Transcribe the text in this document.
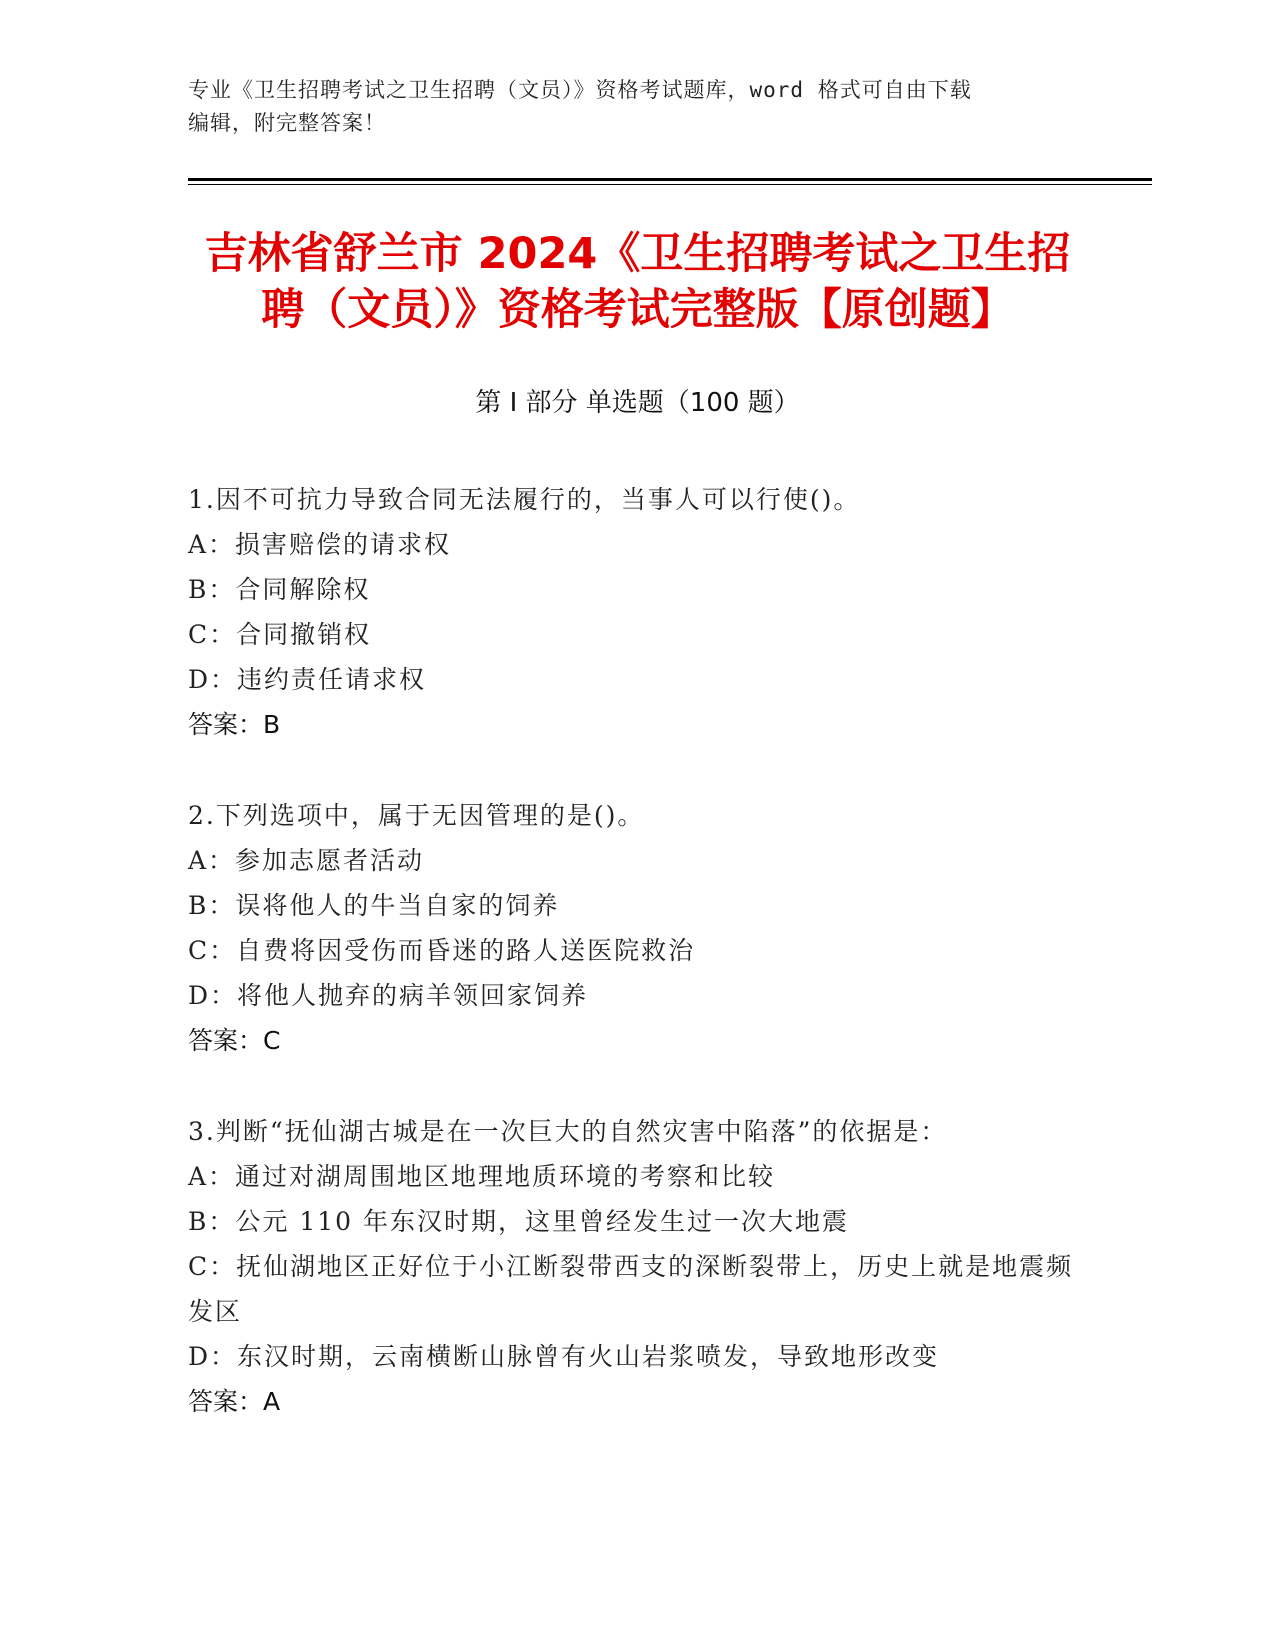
专业《卫生招聘考试之卫生招聘（文员）》资格考试题库，word 格式可自由下载
编辑，附完整答案！
吉林省舒兰市 2024《卫生招聘考试之卫生招
聘（文员）》资格考试完整版【原创题】
第 I 部分 单选题（100 题）
1.因不可抗力导致合同无法履行的，当事人可以行使()。
A：损害赔偿的请求权
B：合同解除权
C：合同撤销权
D：违约责任请求权
答案：B
2.下列选项中，属于无因管理的是()。
A：参加志愿者活动
B：误将他人的牛当自家的饲养
C：自费将因受伤而昏迷的路人送医院救治
D：将他人抛弃的病羊领回家饲养
答案：C
3.判断“抚仙湖古城是在一次巨大的自然灾害中陷落”的依据是：
A：通过对湖周围地区地理地质环境的考察和比较
B：公元 110 年东汉时期，这里曾经发生过一次大地震
C：抚仙湖地区正好位于小江断裂带西支的深断裂带上，历史上就是地震频发区
D：东汉时期，云南横断山脉曾有火山岩浆喷发，导致地形改变
答案：A
